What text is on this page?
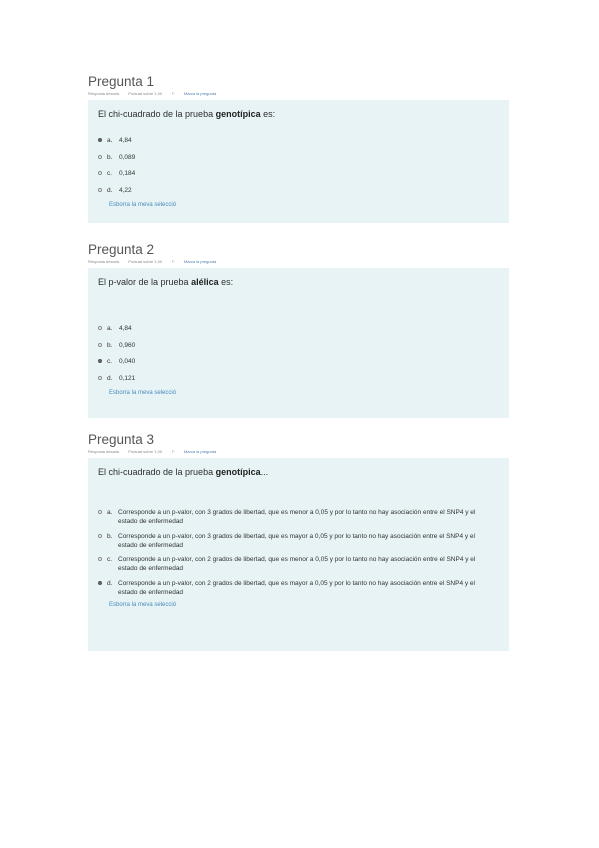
Pregunta 1
Resposta desada Puntuat sobre 1,00 ⚐ Marca la pregunta
El chi-cuadrado de la prueba genotípica es:
a.	4,84
b.	0,089
c.	0,184
d.	4,22
Esborra la meva selecció
Pregunta 2
Resposta desada Puntuat sobre 1,00 ⚐ Marca la pregunta
El p-valor de la prueba alélica es:
a.	4,84
b.	0,960
c.	0,040
d.	0,121
Esborra la meva selecció
Pregunta 3
Resposta desada Puntuat sobre 1,00 ⚐ Marca la pregunta
El chi-cuadrado de la prueba genotípica...
a. Corresponde a un p-valor, con 3 grados de libertad, que es menor a 0,05 y por lo tanto no hay asociación entre el SNP4 y el estado de enfermedad
b. Corresponde a un p-valor, con 3 grados de libertad, que es mayor a 0,05 y por lo tanto no hay asociación entre el SNP4 y el estado de enfermedad
c. Corresponde a un p-valor, con 2 grados de libertad, que es menor a 0,05 y por lo tanto no hay asociación entre el SNP4 y el estado de enfermedad
d. Corresponde a un p-valor, con 2 grados de libertad, que es mayor a 0,05 y por lo tanto no hay asociación entre el SNP4 y el estado de enfermedad
Esborra la meva selecció
